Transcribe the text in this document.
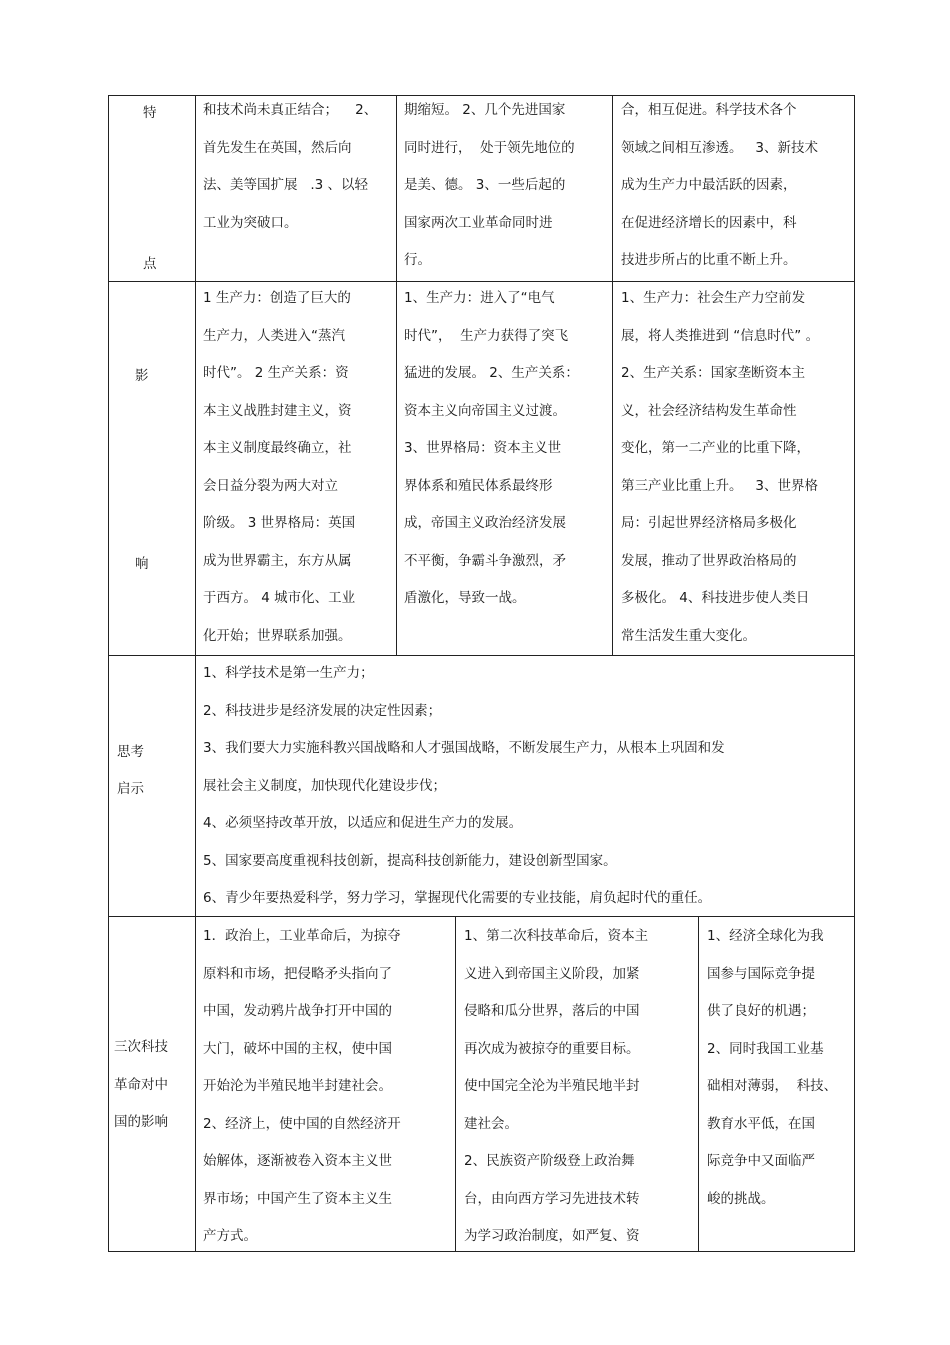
特
点
和技术尚未真正结合；    2、
首先发生在英国，然后向
法、美等国扩展   .3 、以轻
工业为突破口。
期缩短。 2、几个先进国家
同时进行，  处于领先地位的
是美、德。 3、一些后起的
国家两次工业革命同时进
行。
合，相互促进。科学技术各个
领域之间相互渗透。   3、新技术
成为生产力中最活跃的因素，
在促进经济增长的因素中，科
技进步所占的比重不断上升。
影
响
1 生产力：创造了巨大的
生产力，人类进入“蒸汽
时代”。 2 生产关系：资
本主义战胜封建主义，资
本主义制度最终确立，社
会日益分裂为两大对立
阶级。 3 世界格局：英国
成为世界霸主，东方从属
于西方。 4 城市化、工业
化开始；世界联系加强。
1、生产力：进入了“电气
时代”，  生产力获得了突飞
猛进的发展。 2、生产关系：
资本主义向帝国主义过渡。
3、世界格局：资本主义世
界体系和殖民体系最终形
成，帝国主义政治经济发展
不平衡，争霸斗争激烈，矛
盾激化，导致一战。
1、生产力：社会生产力空前发
展，将人类推进到 “信息时代” 。
2、生产关系：国家垄断资本主
义，社会经济结构发生革命性
变化，第一二产业的比重下降，
第三产业比重上升。   3、世界格
局：引起世界经济格局多极化
发展，推动了世界政治格局的
多极化。 4、科技进步使人类日
常生活发生重大变化。
思考
启示
1、科学技术是第一生产力；
2、科技进步是经济发展的决定性因素；
3、我们要大力实施科教兴国战略和人才强国战略，不断发展生产力，从根本上巩固和发
展社会主义制度，加快现代化建设步伐；
4、必须坚持改革开放，以适应和促进生产力的发展。
5、国家要高度重视科技创新，提高科技创新能力，建设创新型国家。
6、青少年要热爱科学，努力学习，掌握现代化需要的专业技能，肩负起时代的重任。
三次科技
革命对中
国的影响
1．政治上，工业革命后，为掠夺
原料和市场，把侵略矛头指向了
中国，发动鸦片战争打开中国的
大门，破坏中国的主权，使中国
开始沦为半殖民地半封建社会。
2、经济上，使中国的自然经济开
始解体，逐渐被卷入资本主义世
界市场；中国产生了资本主义生
产方式。
1、第二次科技革命后，资本主
义进入到帝国主义阶段，加紧
侵略和瓜分世界，落后的中国
再次成为被掠夺的重要目标。
使中国完全沦为半殖民地半封
建社会。
2、民族资产阶级登上政治舞
台，由向西方学习先进技术转
为学习政治制度，如严复、资
1、经济全球化为我
国参与国际竞争提
供了良好的机遇；
2、同时我国工业基
础相对薄弱，  科技、
教育水平低，在国
际竞争中又面临严
峻的挑战。
